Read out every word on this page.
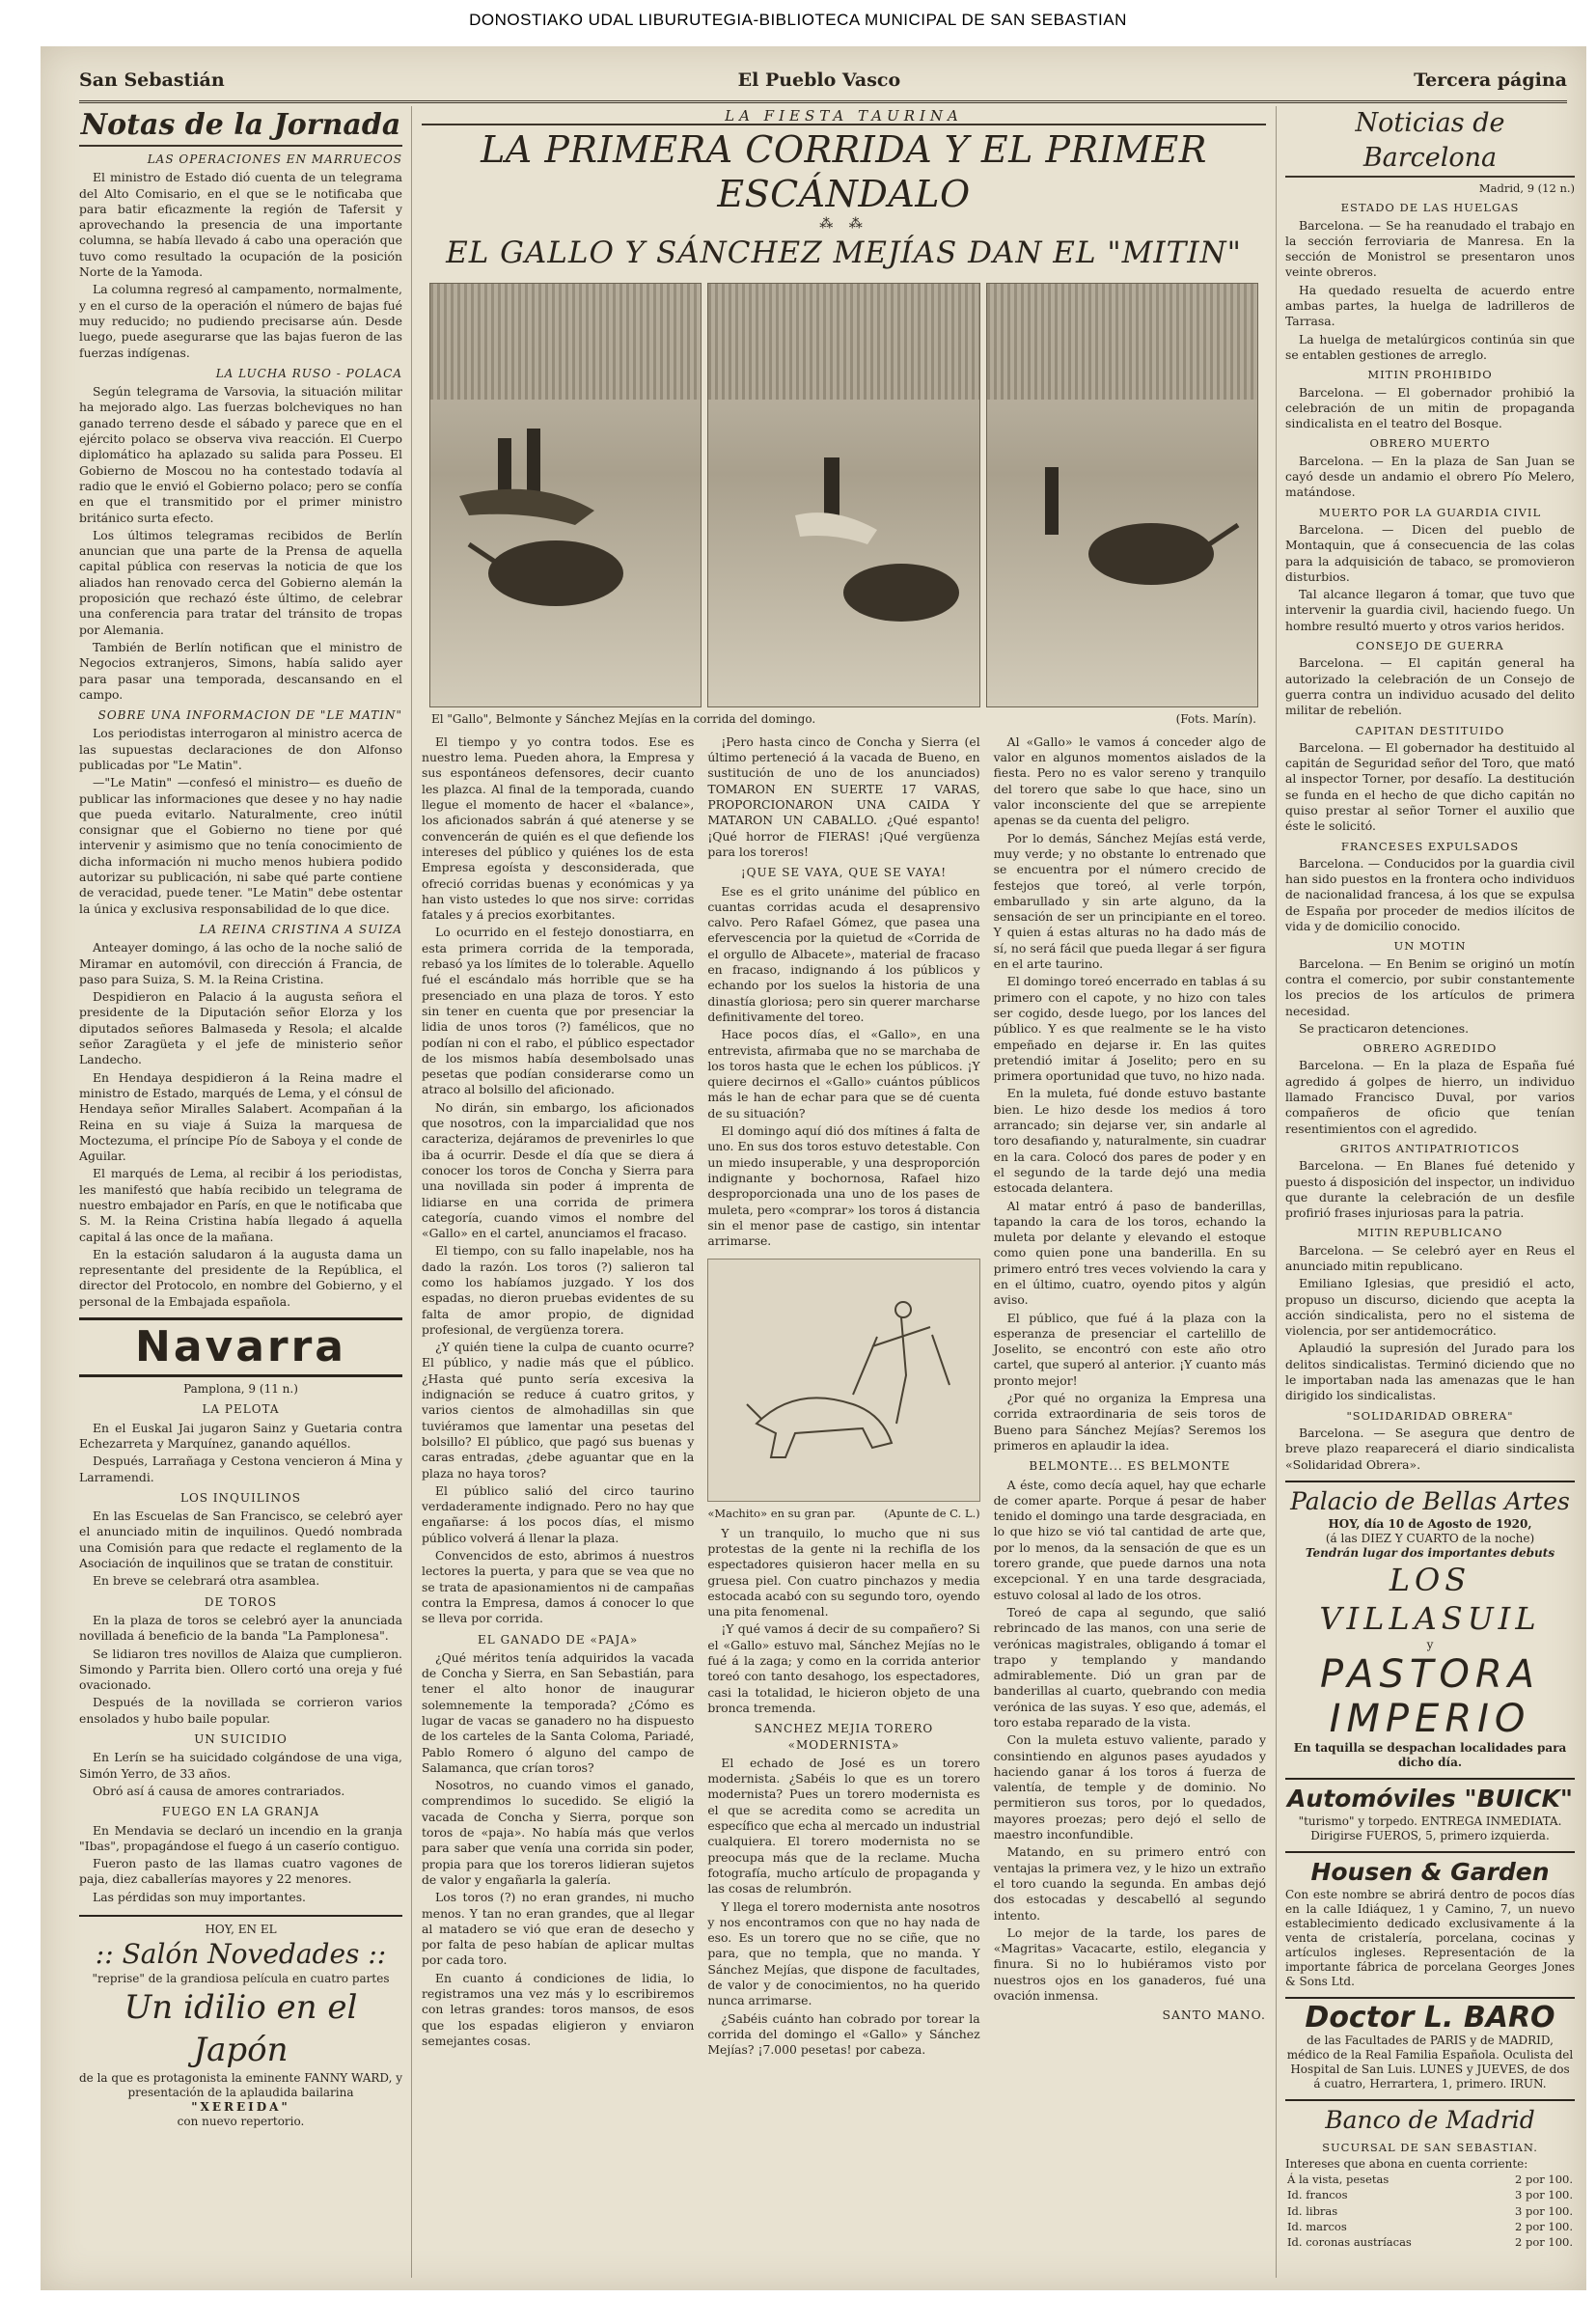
DONOSTIAKO UDAL LIBURUTEGIA-BIBLIOTECA MUNICIPAL DE SAN SEBASTIAN
San Sebastián	El Pueblo Vasco	Tercera página
Notas de la Jornada
LAS OPERACIONES EN MARRUECOS

El ministro de Estado dió cuenta de un telegrama del Alto Comisario, en el que se le notificaba que para batir eficazmente la región de Tafersit y aprovechando la presencia de una importante columna, se había llevado á cabo una operación que tuvo como resultado la ocupación de la posición Norte de la Yamoda.

La columna regresó al campamento, normalmente, y en el curso de la operación el número de bajas fué muy reducido; no pudiendo precisarse aún. Desde luego, puede asegurarse que las bajas fueron de las fuerzas indígenas.

LA LUCHA RUSO - POLACA

Según telegrama de Varsovia, la situación militar ha mejorado algo. Las fuerzas bolcheviques no han ganado terreno desde el sábado y parece que en el ejército polaco se observa viva reacción. El Cuerpo diplomático ha aplazado su salida para Posseu. El Gobierno de Moscou no ha contestado todavía al radio que le envió el Gobierno polaco; pero se confía en que el transmitido por el primer ministro británico surta efecto.

Los últimos telegramas recibidos de Berlín anuncian que una parte de la Prensa de aquella capital pública con reservas la noticia de que los aliados han renovado cerca del Gobierno alemán la proposición que rechazó éste último, de celebrar una conferencia para tratar del tránsito de tropas por Alemania.

También de Berlín notifican que el ministro de Negocios extranjeros, Simons, había salido ayer para pasar una temporada, descansando en el campo.

SOBRE UNA INFORMACION DE "LE MATIN"

Los periodistas interrogaron al ministro acerca de las supuestas declaraciones de don Alfonso publicadas por "Le Matin".

—"Le Matin" —confesó el ministro— es dueño de publicar las informaciones que desee y no hay nadie que pueda evitarlo. Naturalmente, creo inútil consignar que el Gobierno no tiene por qué intervenir y asimismo que no tenía conocimiento de dicha información ni mucho menos hubiera podido autorizar su publicación, ni sabe qué parte contiene de veracidad, puede tener. "Le Matin" debe ostentar la única y exclusiva responsabilidad de lo que dice.

LA REINA CRISTINA A SUIZA

Anteayer domingo, á las ocho de la noche salió de Miramar en automóvil, con dirección á Francia, de paso para Suiza, S. M. la Reina Cristina.

Despidieron en Palacio á la augusta señora el presidente de la Diputación señor Elorza y los diputados señores Balmaseda y Resola; el alcalde señor Zaragüeta y el jefe de ministerio señor Landecho.

En Hendaya despidieron á la Reina madre el ministro de Estado, marqués de Lema, y el cónsul de Hendaya señor Miralles Salabert. Acompañan á la Reina en su viaje á Suiza la marquesa de Moctezuma, el príncipe Pío de Saboya y el conde de Aguilar.

El marqués de Lema, al recibir á los periodistas, les manifestó que había recibido un telegrama de nuestro embajador en París, en que le notificaba que S. M. la Reina Cristina había llegado á aquella capital á las once de la mañana.

En la estación saludaron á la augusta dama un representante del presidente de la República, el director del Protocolo, en nombre del Gobierno, y el personal de la Embajada española.

Navarra
Pamplona, 9 (11 n.)
LA PELOTA

En el Euskal Jai jugaron Sainz y Guetaria contra Echezarreta y Marquínez, ganando aquéllos.

Después, Larrañaga y Cestona vencieron á Mina y Larramendi.

LOS INQUILINOS

En las Escuelas de San Francisco, se celebró ayer el anunciado mitin de inquilinos. Quedó nombrada una Comisión para que redacte el reglamento de la Asociación de inquilinos que se tratan de constituir.

En breve se celebrará otra asamblea.

DE TOROS

En la plaza de toros se celebró ayer la anunciada novillada á beneficio de la banda "La Pamplonesa".

Se lidiaron tres novillos de Alaiza que cumplieron. Simondo y Parrita bien. Ollero cortó una oreja y fué ovacionado.

Después de la novillada se corrieron varios ensolados y hubo baile popular.

UN SUICIDIO

En Lerín se ha suicidado colgándose de una viga, Simón Yerro, de 33 años.

Obró así á causa de amores contrariados.

FUEGO EN LA GRANJA

En Mendavia se declaró un incendio en la granja "Ibas", propagándose el fuego á un caserío contiguo.

Fueron pasto de las llamas cuatro vagones de paja, diez caballerías mayores y 22 menores.

Las pérdidas son muy importantes.

HOY, EN EL
:: Salón Novedades ::
"reprise" de la grandiosa película en cuatro partes
Un idilio en el Japón
de la que es protagonista la eminente FANNY WARD, y presentación de la aplaudida bailarina
"XEREIDA"
con nuevo repertorio.
LA FIESTA TAURINA
LA PRIMERA CORRIDA Y EL PRIMER ESCÁNDALO
⁂ ⁂
EL GALLO Y SÁNCHEZ MEJÍAS DAN EL "MITIN"
El "Gallo", Belmonte y Sánchez Mejías en la corrida del domingo.	(Fots. Marín).

El tiempo y yo contra todos. Ese es nuestro lema. Pueden ahora, la Empresa y sus espontáneos defensores, decir cuanto les plazca. Al final de la temporada, cuando llegue el momento de hacer el «balance», los aficionados sabrán á qué atenerse y se convencerán de quién es el que defiende los intereses del público y quiénes los de esta Empresa egoísta y desconsiderada, que ofreció corridas buenas y económicas y ya han visto ustedes lo que nos sirve: corridas fatales y á precios exorbitantes.

Lo ocurrido en el festejo donostiarra, en esta primera corrida de la temporada, rebasó ya los límites de lo tolerable. Aquello fué el escándalo más horrible que se ha presenciado en una plaza de toros. Y esto sin tener en cuenta que por presenciar la lidia de unos toros (?) famélicos, que no podían ni con el rabo, el público espectador de los mismos había desembolsado unas pesetas que podían considerarse como un atraco al bolsillo del aficionado.

No dirán, sin embargo, los aficionados que nosotros, con la imparcialidad que nos caracteriza, dejáramos de prevenirles lo que iba á ocurrir. Desde el día que se diera á conocer los toros de Concha y Sierra para una novillada sin poder á imprenta de lidiarse en una corrida de primera categoría, cuando vimos el nombre del «Gallo» en el cartel, anunciamos el fracaso.

El tiempo, con su fallo inapelable, nos ha dado la razón. Los toros (?) salieron tal como los habíamos juzgado. Y los dos espadas, no dieron pruebas evidentes de su falta de amor propio, de dignidad profesional, de vergüenza torera.

¿Y quién tiene la culpa de cuanto ocurre? El público, y nadie más que el público. ¿Hasta qué punto sería excesiva la indignación se reduce á cuatro gritos, y varios cientos de almohadillas sin que tuviéramos que lamentar una pesetas del bolsillo? El público, que pagó sus buenas y caras entradas, ¿debe aguantar que en la plaza no haya toros?

El público salió del circo taurino verdaderamente indignado. Pero no hay que engañarse: á los pocos días, el mismo público volverá á llenar la plaza.

Convencidos de esto, abrimos á nuestros lectores la puerta, y para que se vea que no se trata de apasionamientos ni de campañas contra la Empresa, damos á conocer lo que se lleva por corrida.

EL GANADO DE «PAJA»

¿Qué méritos tenía adquiridos la vacada de Concha y Sierra, en San Sebastián, para tener el alto honor de inaugurar solemnemente la temporada? ¿Cómo es lugar de vacas se ganadero no ha dispuesto de los carteles de la Santa Coloma, Pariadé, Pablo Romero ó alguno del campo de Salamanca, que crían toros?

Nosotros, no cuando vimos el ganado, comprendimos lo sucedido. Se eligió la vacada de Concha y Sierra, porque son toros de «paja». No había más que verlos para saber que venía una corrida sin poder, propia para que los toreros lidieran sujetos de valor y engañarla la galería.

Los toros (?) no eran grandes, ni mucho menos. Y tan no eran grandes, que al llegar al matadero se vió que eran de desecho y por falta de peso habían de aplicar multas por cada toro.

En cuanto á condiciones de lidia, lo registramos una vez más y lo escribiremos con letras grandes: toros mansos, de esos que los espadas eligieron y enviaron semejantes cosas.

¡Pero hasta cinco de Concha y Sierra (el último perteneció á la vacada de Bueno, en sustitución de uno de los anunciados) TOMARON EN SUERTE 17 VARAS, PROPORCIONARON UNA CAIDA Y MATARON UN CABALLO. ¿Qué espanto! ¡Qué horror de FIERAS! ¡Qué vergüenza para los toreros!

¡QUE SE VAYA, QUE SE VAYA!

Ese es el grito unánime del público en cuantas corridas acuda el desaprensivo calvo. Pero Rafael Gómez, que pasea una efervescencia por la quietud de «Corrida de el orgullo de Albacete», material de fracaso en fracaso, indignando á los públicos y echando por los suelos la historia de una dinastía gloriosa; pero sin querer marcharse definitivamente del toreo.

Hace pocos días, el «Gallo», en una entrevista, afirmaba que no se marchaba de los toros hasta que le echen los públicos. ¡Y quiere decirnos el «Gallo» cuántos públicos más le han de echar para que se dé cuenta de su situación?

El domingo aquí dió dos mítines á falta de uno. En sus dos toros estuvo detestable. Con un miedo insuperable, y una desproporción indignante y bochornosa, Rafael hizo desproporcionada una uno de los pases de muleta, pero «comprar» los toros á distancia sin el menor pase de castigo, sin intentar arrimarse.

«Machito» en su gran par.	(Apunte de C. L.)

Y un tranquilo, lo mucho que ni sus protestas de la gente ni la rechifla de los espectadores quisieron hacer mella en su gruesa piel. Con cuatro pinchazos y media estocada acabó con su segundo toro, oyendo una pita fenomenal.

¡Y qué vamos á decir de su compañero? Si el «Gallo» estuvo mal, Sánchez Mejías no le fué á la zaga; y como en la corrida anterior toreó con tanto desahogo, los espectadores, casi la totalidad, le hicieron objeto de una bronca tremenda.

SANCHEZ MEJIA TORERO «MODERNISTA»

El echado de José es un torero modernista. ¿Sabéis lo que es un torero modernista? Pues un torero modernista es el que se acredita como se acredita un específico que echa al mercado un industrial cualquiera. El torero modernista no se preocupa más que de la reclame. Mucha fotografía, mucho artículo de propaganda y las cosas de relumbrón.

Y llega el torero modernista ante nosotros y nos encontramos con que no hay nada de eso. Es un torero que no se ciñe, que no para, que no templa, que no manda. Y Sánchez Mejías, que dispone de facultades, de valor y de conocimientos, no ha querido nunca arrimarse.

¿Sabéis cuánto han cobrado por torear la corrida del domingo el «Gallo» y Sánchez Mejías? ¡7.000 pesetas! por cabeza.

Al «Gallo» le vamos á conceder algo de valor en algunos momentos aislados de la fiesta. Pero no es valor sereno y tranquilo del torero que sabe lo que hace, sino un valor inconsciente del que se arrepiente apenas se da cuenta del peligro.

Por lo demás, Sánchez Mejías está verde, muy verde; y no obstante lo entrenado que se encuentra por el número crecido de festejos que toreó, al verle torpón, embarullado y sin arte alguno, da la sensación de ser un principiante en el toreo. Y quien á estas alturas no ha dado más de sí, no será fácil que pueda llegar á ser figura en el arte taurino.

El domingo toreó encerrado en tablas á su primero con el capote, y no hizo con tales ser cogido, desde luego, por los lances del público. Y es que realmente se le ha visto empeñado en dejarse ir. En las quites pretendió imitar á Joselito; pero en su primera oportunidad que tuvo, no hizo nada.

En la muleta, fué donde estuvo bastante bien. Le hizo desde los medios á toro arrancado; sin dejarse ver, sin andarle al toro desafiando y, naturalmente, sin cuadrar en la cara. Colocó dos pares de poder y en el segundo de la tarde dejó una media estocada delantera.

Al matar entró á paso de banderillas, tapando la cara de los toros, echando la muleta por delante y elevando el estoque como quien pone una banderilla. En su primero entró tres veces volviendo la cara y en el último, cuatro, oyendo pitos y algún aviso.

El público, que fué á la plaza con la esperanza de presenciar el cartelillo de Joselito, se encontró con este año otro cartel, que superó al anterior. ¡Y cuanto más pronto mejor!

¿Por qué no organiza la Empresa una corrida extraordinaria de seis toros de Bueno para Sánchez Mejías? Seremos los primeros en aplaudir la idea.

BELMONTE... ES BELMONTE

A éste, como decía aquel, hay que echarle de comer aparte. Porque á pesar de haber tenido el domingo una tarde desgraciada, en lo que hizo se vió tal cantidad de arte que, por lo menos, da la sensación de que es un torero grande, que puede darnos una nota excepcional. Y en una tarde desgraciada, estuvo colosal al lado de los otros.

Toreó de capa al segundo, que salió rebrincado de las manos, con una serie de verónicas magistrales, obligando á tomar el trapo y templando y mandando admirablemente. Dió un gran par de banderillas al cuarto, quebrando con media verónica de las suyas. Y eso que, además, el toro estaba reparado de la vista.

Con la muleta estuvo valiente, parado y consintiendo en algunos pases ayudados y haciendo ganar á los toros á fuerza de valentía, de temple y de dominio. No permitieron sus toros, por lo quedados, mayores proezas; pero dejó el sello de maestro inconfundible.

Matando, en su primero entró con ventajas la primera vez, y le hizo un extraño el toro cuando la segunda. En ambas dejó dos estocadas y descabelló al segundo intento.

Lo mejor de la tarde, los pares de «Magritas» Vacacarte, estilo, elegancia y finura. Si no lo hubiéramos visto por nuestros ojos en los ganaderos, fué una ovación inmensa.

SANTO MANO.
Noticias de Barcelona
Madrid, 9 (12 n.)
ESTADO DE LAS HUELGAS

Barcelona. — Se ha reanudado el trabajo en la sección ferroviaria de Manresa. En la sección de Monistrol se presentaron unos veinte obreros.

Ha quedado resuelta de acuerdo entre ambas partes, la huelga de ladrilleros de Tarrasa.

La huelga de metalúrgicos continúa sin que se entablen gestiones de arreglo.

MITIN PROHIBIDO

Barcelona. — El gobernador prohibió la celebración de un mitin de propaganda sindicalista en el teatro del Bosque.

OBRERO MUERTO

Barcelona. — En la plaza de San Juan se cayó desde un andamio el obrero Pío Melero, matándose.

MUERTO POR LA GUARDIA CIVIL

Barcelona. — Dicen del pueblo de Montaquin, que á consecuencia de las colas para la adquisición de tabaco, se promovieron disturbios.

Tal alcance llegaron á tomar, que tuvo que intervenir la guardia civil, haciendo fuego. Un hombre resultó muerto y otros varios heridos.

CONSEJO DE GUERRA

Barcelona. — El capitán general ha autorizado la celebración de un Consejo de guerra contra un individuo acusado del delito militar de rebelión.

CAPITAN DESTITUIDO

Barcelona. — El gobernador ha destituido al capitán de Seguridad señor del Toro, que mató al inspector Torner, por desafío. La destitución se funda en el hecho de que dicho capitán no quiso prestar al señor Torner el auxilio que éste le solicitó.

FRANCESES EXPULSADOS

Barcelona. — Conducidos por la guardia civil han sido puestos en la frontera ocho individuos de nacionalidad francesa, á los que se expulsa de España por proceder de medios ilícitos de vida y de domicilio conocido.

UN MOTIN

Barcelona. — En Benim se originó un motín contra el comercio, por subir constantemente los precios de los artículos de primera necesidad.

Se practicaron detenciones.

OBRERO AGREDIDO

Barcelona. — En la plaza de España fué agredido á golpes de hierro, un individuo llamado Francisco Duval, por varios compañeros de oficio que tenían resentimientos con el agredido.

GRITOS ANTIPATRIOTICOS

Barcelona. — En Blanes fué detenido y puesto á disposición del inspector, un individuo que durante la celebración de un desfile profirió frases injuriosas para la patria.

MITIN REPUBLICANO

Barcelona. — Se celebró ayer en Reus el anunciado mitin republicano.

Emiliano Iglesias, que presidió el acto, propuso un discurso, diciendo que acepta la acción sindicalista, pero no el sistema de violencia, por ser antidemocrático.

Aplaudió la supresión del Jurado para los delitos sindicalistas. Terminó diciendo que no le importaban nada las amenazas que le han dirigido los sindicalistas.

"SOLIDARIDAD OBRERA"

Barcelona. — Se asegura que dentro de breve plazo reaparecerá el diario sindicalista «Solidaridad Obrera».

Palacio de Bellas Artes
HOY, día 10 de Agosto de 1920,
(á las DIEZ Y CUARTO de la noche)
Tendrán lugar dos importantes debuts
LOS VILLASUIL
y
PASTORA
IMPERIO
En taquilla se despachan localidades para dicho día.
Automóviles "BUICK"
"turismo" y torpedo. ENTREGA INMEDIATA. Dirigirse FUEROS, 5, primero izquierda.
Housen & Garden
Con este nombre se abrirá dentro de pocos días en la calle Idiáquez, 1 y Camino, 7, un nuevo establecimiento dedicado exclusivamente á la venta de cristalería, porcelana, cocinas y artículos ingleses. Representación de la importante fábrica de porcelana Georges Jones & Sons Ltd.
Doctor L. BARO
de las Facultades de PARIS y de MADRID, médico de la Real Familia Española. Oculista del Hospital de San Luis. LUNES y JUEVES, de dos á cuatro, Herrartera, 1, primero. IRUN.
Banco de Madrid
SUCURSAL DE SAN SEBASTIAN.
Intereses que abona en cuenta corriente:
Á la vista, pesetas	2 por 100.
Id. francos	3 por 100.
Id. libras	3 por 100.
Id. marcos	2 por 100.
Id. coronas austríacas	2 por 100.
